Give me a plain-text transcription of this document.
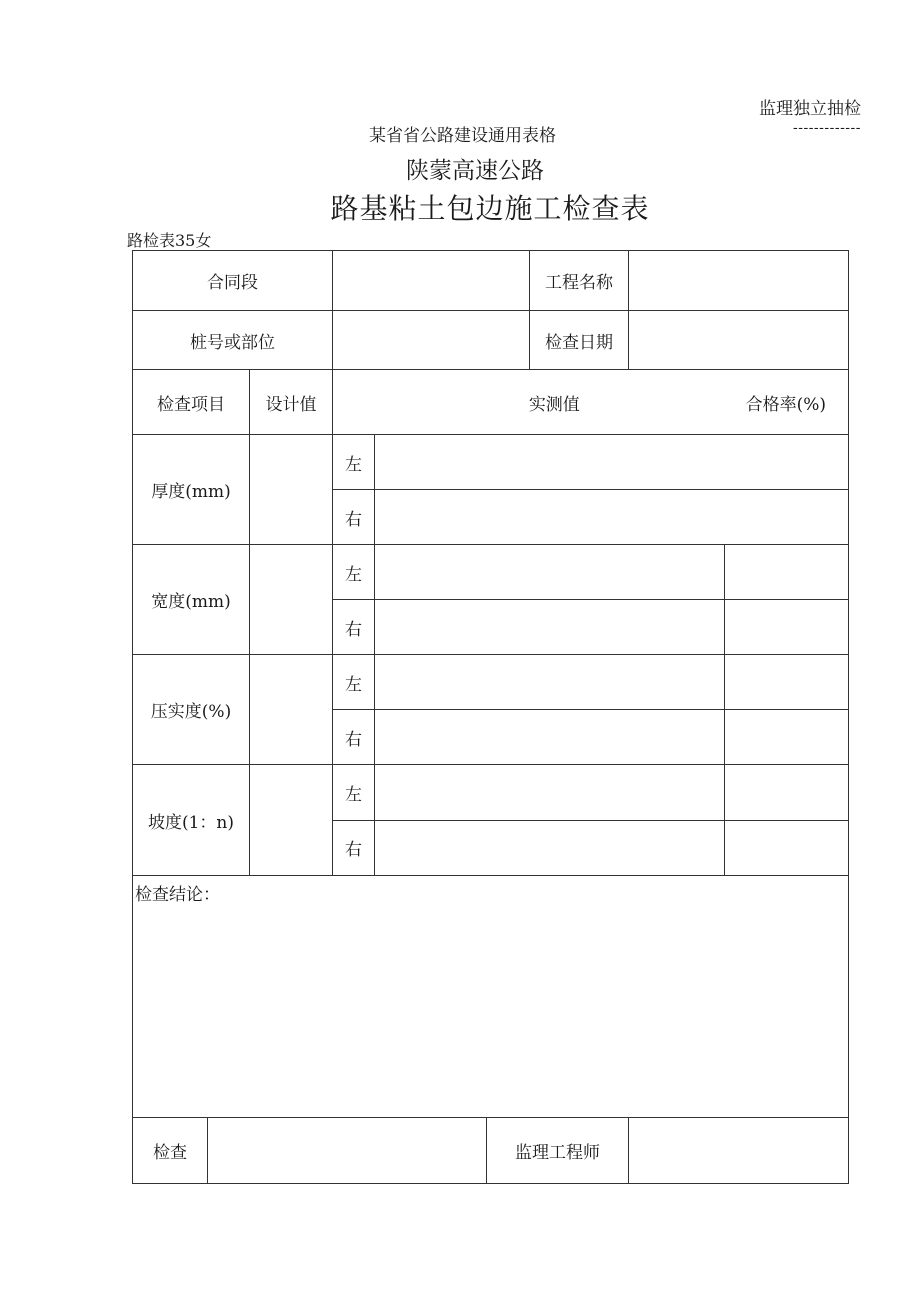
监理独立抽检
-------------
某省省公路建设通用表格
陕蒙高速公路
路基粘土包边施工检查表
路检表35女
合同段						工程名称		
桩号或部位						检查日期		
检查项目		设计值	实测值 合格率(%)					

厚度(mm)			左					
			右					
宽度(mm)			左					
			右					
压实度(%)			左					
			右					
坡度(1：n)			左					
			右					
检查结论：								
检查					监理工程师			
